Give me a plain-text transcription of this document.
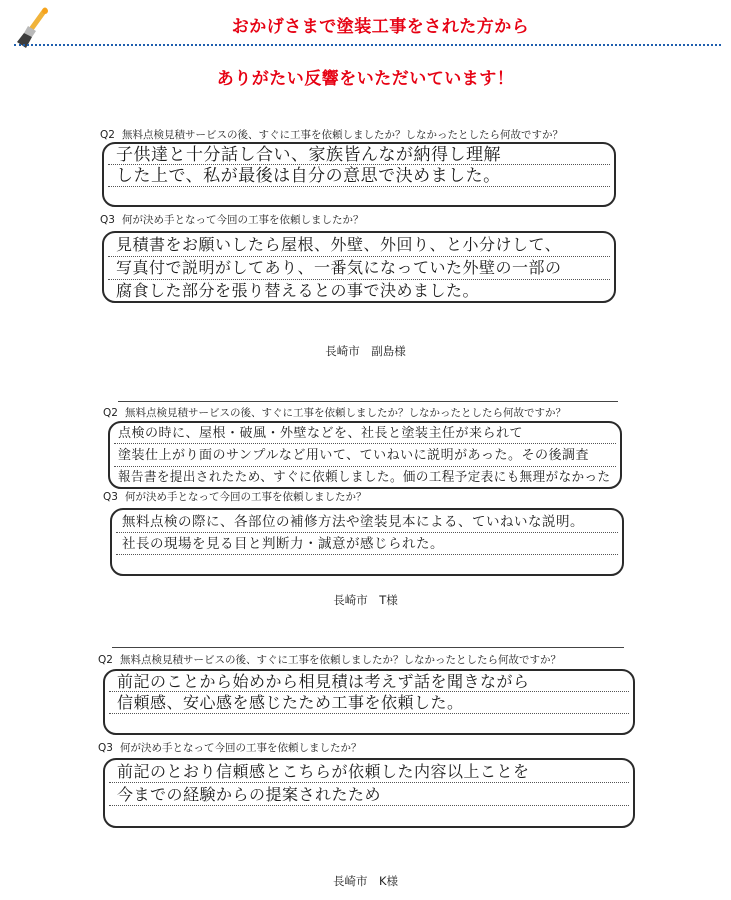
おかげさまで塗装工事をされた方から
ありがたい反響をいただいています！
Q2 無料点検見積サービスの後、すぐに工事を依頼しましたか？しなかったとしたら何故ですか？
子供達と十分話し合い、家族皆んなが納得し理解
した上で、私が最後は自分の意思で決めました。
Q3 何が決め手となって今回の工事を依頼しましたか？
見積書をお願いしたら屋根、外壁、外回り、と小分けして、
写真付で説明がしてあり、一番気になっていた外壁の一部の
腐食した部分を張り替えるとの事で決めました。
長崎市　副島様
Q2 無料点検見積サービスの後、すぐに工事を依頼しましたか？しなかったとしたら何故ですか？
点検の時に、屋根・破風・外壁などを、社長と塗装主任が来られて
塗装仕上がり面のサンプルなど用いて、ていねいに説明があった。その後調査
報告書を提出されたため、すぐに依頼しました。価の工程予定表にも無理がなかった
Q3 何が決め手となって今回の工事を依頼しましたか？
無料点検の際に、各部位の補修方法や塗装見本による、ていねいな説明。
社長の現場を見る目と判断力・誠意が感じられた。
長崎市　T様
Q2 無料点検見積サービスの後、すぐに工事を依頼しましたか？しなかったとしたら何故ですか？
前記のことから始めから相見積は考えず話を聞きながら
信頼感、安心感を感じたため工事を依頼した。
Q3 何が決め手となって今回の工事を依頼しましたか？
前記のとおり信頼感とこちらが依頼した内容以上ことを
今までの経験からの提案されたため
長崎市　K様
